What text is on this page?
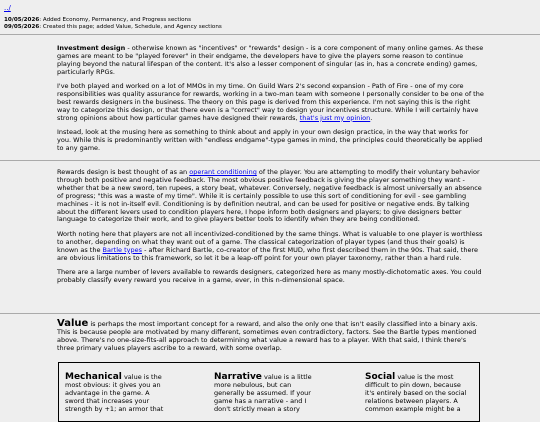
../
10/05/2026: Added Economy, Permanency, and Progress sections
09/05/2026: Created this page; added Value, Schedule, and Agency sections

Investment design - otherwise known as "incentives" or "rewards" design - is a core component of many online games. As these games are meant to be "played forever" in their endgame, the developers have to give the players some reason to continue playing beyond the natural lifespan of the content. It's also a lesser component of singular (as in, has a concrete ending) games, particularly RPGs.

I've both played and worked on a lot of MMOs in my time. On Guild Wars 2's second expansion - Path of Fire - one of my core responsibilities was quality assurance for rewards, working in a two-man team with someone I personally consider to be one of the best rewards designers in the business. The theory on this page is derived from this experience. I'm not saying this is the right way to categorize this design, or that there even is a "correct" way to design your incentives structure. While I will certainly have strong opinions about how particular games have designed their rewards, that's just my opinion.

Instead, look at the musing here as something to think about and apply in your own design practice, in the way that works for you. While this is predominantly written with "endless endgame"-type games in mind, the principles could theoretically be applied to any game.

Rewards design is best thought of as an operant conditioning of the player. You are attempting to modify their voluntary behavior through both positive and negative feedback. The most obvious positive feedback is giving the player something they want - whether that be a new sword, ten rupees, a story beat, whatever. Conversely, negative feedback is almost universally an absence of progress; "this was a waste of my time". While it is certainly possible to use this sort of conditioning for evil - see gambling machines - it is not in-itself evil. Conditioning is by definition neutral, and can be used for positive or negative ends. By talking about the different levers used to condition players here, I hope inform both designers and players; to give designers better language to categorize their work, and to give players better tools to identify when they are being conditioned.

Worth noting here that players are not all incentivized-conditioned by the same things. What is valuable to one player is worthless to another, depending on what they want out of a game. The classical categorization of player types (and thus their goals) is known as the Bartle types - after Richard Bartle, co-creator of the first MUD, who first described them in the 90s. That said, there are obvious limitations to this framework, so let it be a leap-off point for your own player taxonomy, rather than a hard rule.

There are a large number of levers available to rewards designers, categorized here as many mostly-dichotomatic axes. You could probably classify every reward you receive in a game, ever, in this n-dimensional space.

Value is perhaps the most important concept for a reward, and also the only one that isn't easily classified into a binary axis. This is because people are motivated by many different, sometimes even contradictory, factors. See the Bartle types mentioned above. There's no one-size-fits-all approach to determining what value a reward has to a player. With that said, I think there's three primary values players ascribe to a reward, with some overlap.

Mechanical value is the most obvious: it gives you an advantage in the game. A sword that increases your strength by +1; an armor that
Narrative value is a little more nebulous, but can generally be assumed. If your game has a narrative - and I don't strictly mean a story
Social value is the most difficult to pin down, because it's entirely based on the social relations between players. A common example might be a
